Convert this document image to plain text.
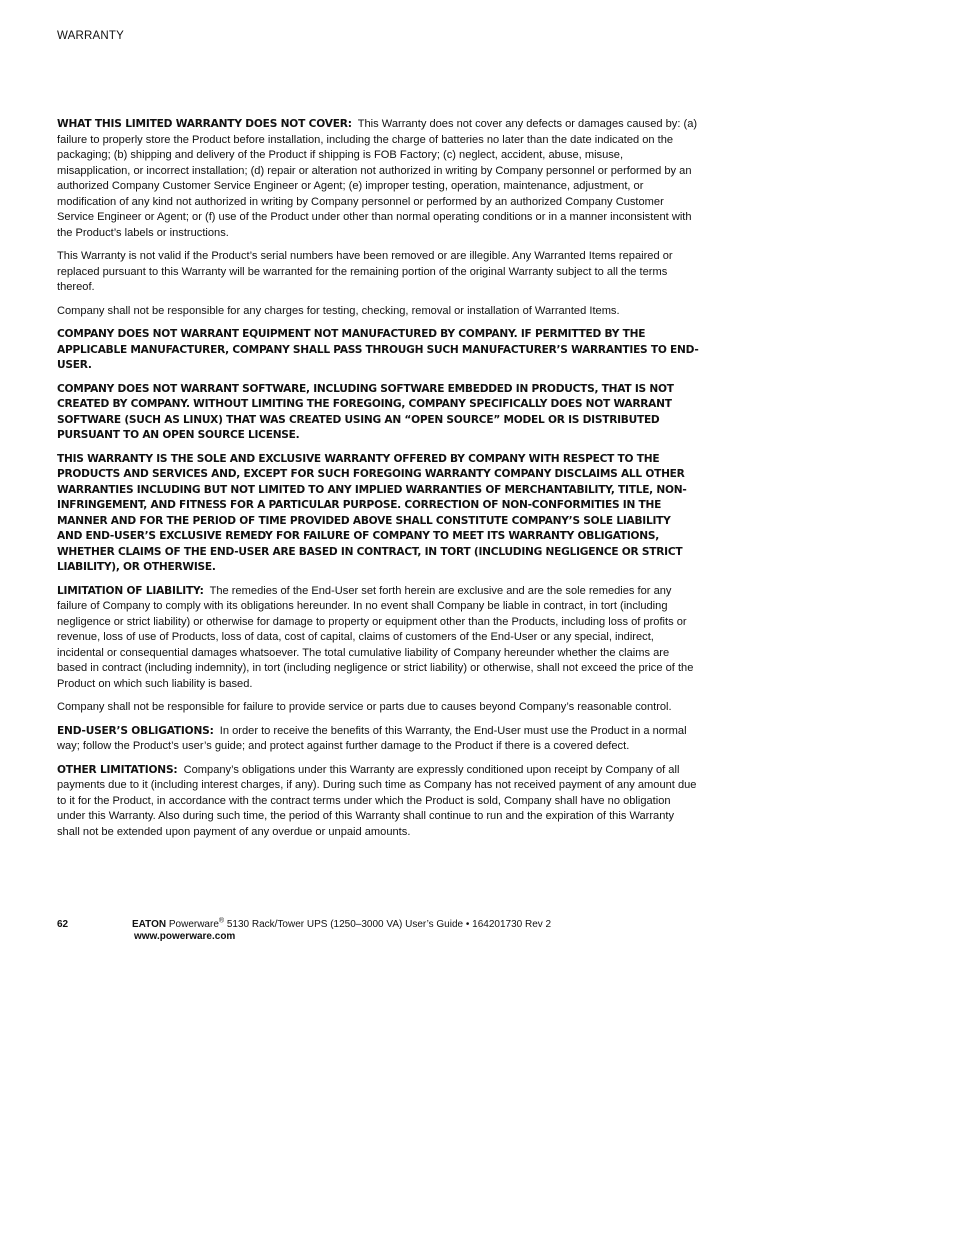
WARRANTY

WHAT THIS LIMITED WARRANTY DOES NOT COVER: This Warranty does not cover any defects or damages caused by: (a) failure to properly store the Product before installation, including the charge of batteries no later than the date indicated on the packaging; (b) shipping and delivery of the Product if shipping is FOB Factory; (c) neglect, accident, abuse, misuse, misapplication, or incorrect installation; (d) repair or alteration not authorized in writing by Company personnel or performed by an authorized Company Customer Service Engineer or Agent; (e) improper testing, operation, maintenance, adjustment, or modification of any kind not authorized in writing by Company personnel or performed by an authorized Company Customer Service Engineer or Agent; or (f) use of the Product under other than normal operating conditions or in a manner inconsistent with the Product’s labels or instructions.

This Warranty is not valid if the Product’s serial numbers have been removed or are illegible. Any Warranted Items repaired or replaced pursuant to this Warranty will be warranted for the remaining portion of the original Warranty subject to all the terms thereof.

Company shall not be responsible for any charges for testing, checking, removal or installation of Warranted Items.

COMPANY DOES NOT WARRANT EQUIPMENT NOT MANUFACTURED BY COMPANY. IF PERMITTED BY THE APPLICABLE MANUFACTURER, COMPANY SHALL PASS THROUGH SUCH MANUFACTURER’S WARRANTIES TO END-USER.

COMPANY DOES NOT WARRANT SOFTWARE, INCLUDING SOFTWARE EMBEDDED IN PRODUCTS, THAT IS NOT CREATED BY COMPANY. WITHOUT LIMITING THE FOREGOING, COMPANY SPECIFICALLY DOES NOT WARRANT SOFTWARE (SUCH AS LINUX) THAT WAS CREATED USING AN “OPEN SOURCE” MODEL OR IS DISTRIBUTED PURSUANT TO AN OPEN SOURCE LICENSE.

THIS WARRANTY IS THE SOLE AND EXCLUSIVE WARRANTY OFFERED BY COMPANY WITH RESPECT TO THE PRODUCTS AND SERVICES AND, EXCEPT FOR SUCH FOREGOING WARRANTY COMPANY DISCLAIMS ALL OTHER WARRANTIES INCLUDING BUT NOT LIMITED TO ANY IMPLIED WARRANTIES OF MERCHANTABILITY, TITLE, NON-INFRINGEMENT, AND FITNESS FOR A PARTICULAR PURPOSE. CORRECTION OF NON-CONFORMITIES IN THE MANNER AND FOR THE PERIOD OF TIME PROVIDED ABOVE SHALL CONSTITUTE COMPANY’S SOLE LIABILITY AND END-USER’S EXCLUSIVE REMEDY FOR FAILURE OF COMPANY TO MEET ITS WARRANTY OBLIGATIONS, WHETHER CLAIMS OF THE END-USER ARE BASED IN CONTRACT, IN TORT (INCLUDING NEGLIGENCE OR STRICT LIABILITY), OR OTHERWISE.

LIMITATION OF LIABILITY: The remedies of the End-User set forth herein are exclusive and are the sole remedies for any failure of Company to comply with its obligations hereunder. In no event shall Company be liable in contract, in tort (including negligence or strict liability) or otherwise for damage to property or equipment other than the Products, including loss of profits or revenue, loss of use of Products, loss of data, cost of capital, claims of customers of the End-User or any special, indirect, incidental or consequential damages whatsoever. The total cumulative liability of Company hereunder whether the claims are based in contract (including indemnity), in tort (including negligence or strict liability) or otherwise, shall not exceed the price of the Product on which such liability is based.

Company shall not be responsible for failure to provide service or parts due to causes beyond Company’s reasonable control.

END-USER’S OBLIGATIONS: In order to receive the benefits of this Warranty, the End-User must use the Product in a normal way; follow the Product’s user’s guide; and protect against further damage to the Product if there is a covered defect.

OTHER LIMITATIONS: Company’s obligations under this Warranty are expressly conditioned upon receipt by Company of all payments due to it (including interest charges, if any). During such time as Company has not received payment of any amount due to it for the Product, in accordance with the contract terms under which the Product is sold, Company shall have no obligation under this Warranty. Also during such time, the period of this Warranty shall continue to run and the expiration of this Warranty shall not be extended upon payment of any overdue or unpaid amounts.

62	EATON Powerware® 5130 Rack/Tower UPS (1250–3000 VA) User’s Guide • 164201730 Rev 2
www.powerware.com
